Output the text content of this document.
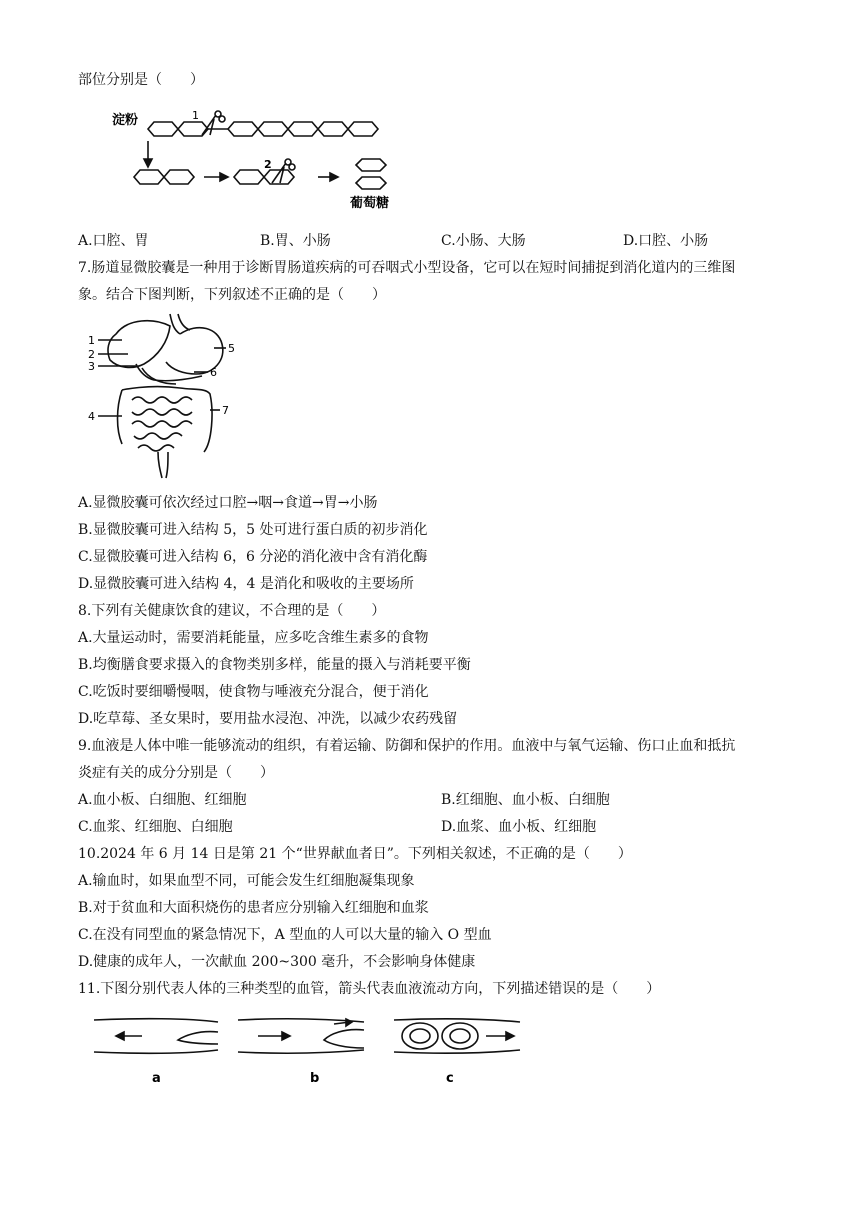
部位分别是（　　）
淀粉	1
2
葡萄糖
A.口腔、胃	B.胃、小肠	C.小肠、大肠	D.口腔、小肠
7.肠道显微胶囊是一种用于诊断胃肠道疾病的可吞咽式小型设备，它可以在短时间捕捉到消化道内的三维图
象。结合下图判断，下列叙述不正确的是（　　）
1
2
3
4
5
6
7
A.显微胶囊可依次经过口腔→咽→食道→胃→小肠
B.显微胶囊可进入结构 5，5 处可进行蛋白质的初步消化
C.显微胶囊可进入结构 6，6 分泌的消化液中含有消化酶
D.显微胶囊可进入结构 4，4 是消化和吸收的主要场所
8.下列有关健康饮食的建议，不合理的是（　　）
A.大量运动时，需要消耗能量，应多吃含维生素多的食物
B.均衡膳食要求摄入的食物类别多样，能量的摄入与消耗要平衡
C.吃饭时要细嚼慢咽，使食物与唾液充分混合，便于消化
D.吃草莓、圣女果时，要用盐水浸泡、冲洗，以减少农药残留
9.血液是人体中唯一能够流动的组织，有着运输、防御和保护的作用。血液中与氧气运输、伤口止血和抵抗
炎症有关的成分分别是（　　）
A.血小板、白细胞、红细胞	B.红细胞、血小板、白细胞
C.血浆、红细胞、白细胞	D.血浆、血小板、红细胞
10.2024 年 6 月 14 日是第 21 个“世界献血者日”。下列相关叙述，不正确的是（　　）
A.输血时，如果血型不同，可能会发生红细胞凝集现象
B.对于贫血和大面积烧伤的患者应分别输入红细胞和血浆
C.在没有同型血的紧急情况下，A 型血的人可以大量的输入 O 型血
D.健康的成年人，一次献血 200~300 毫升，不会影响身体健康
11.下图分别代表人体的三种类型的血管，箭头代表血液流动方向，下列描述错误的是（　　）
a	b	c
